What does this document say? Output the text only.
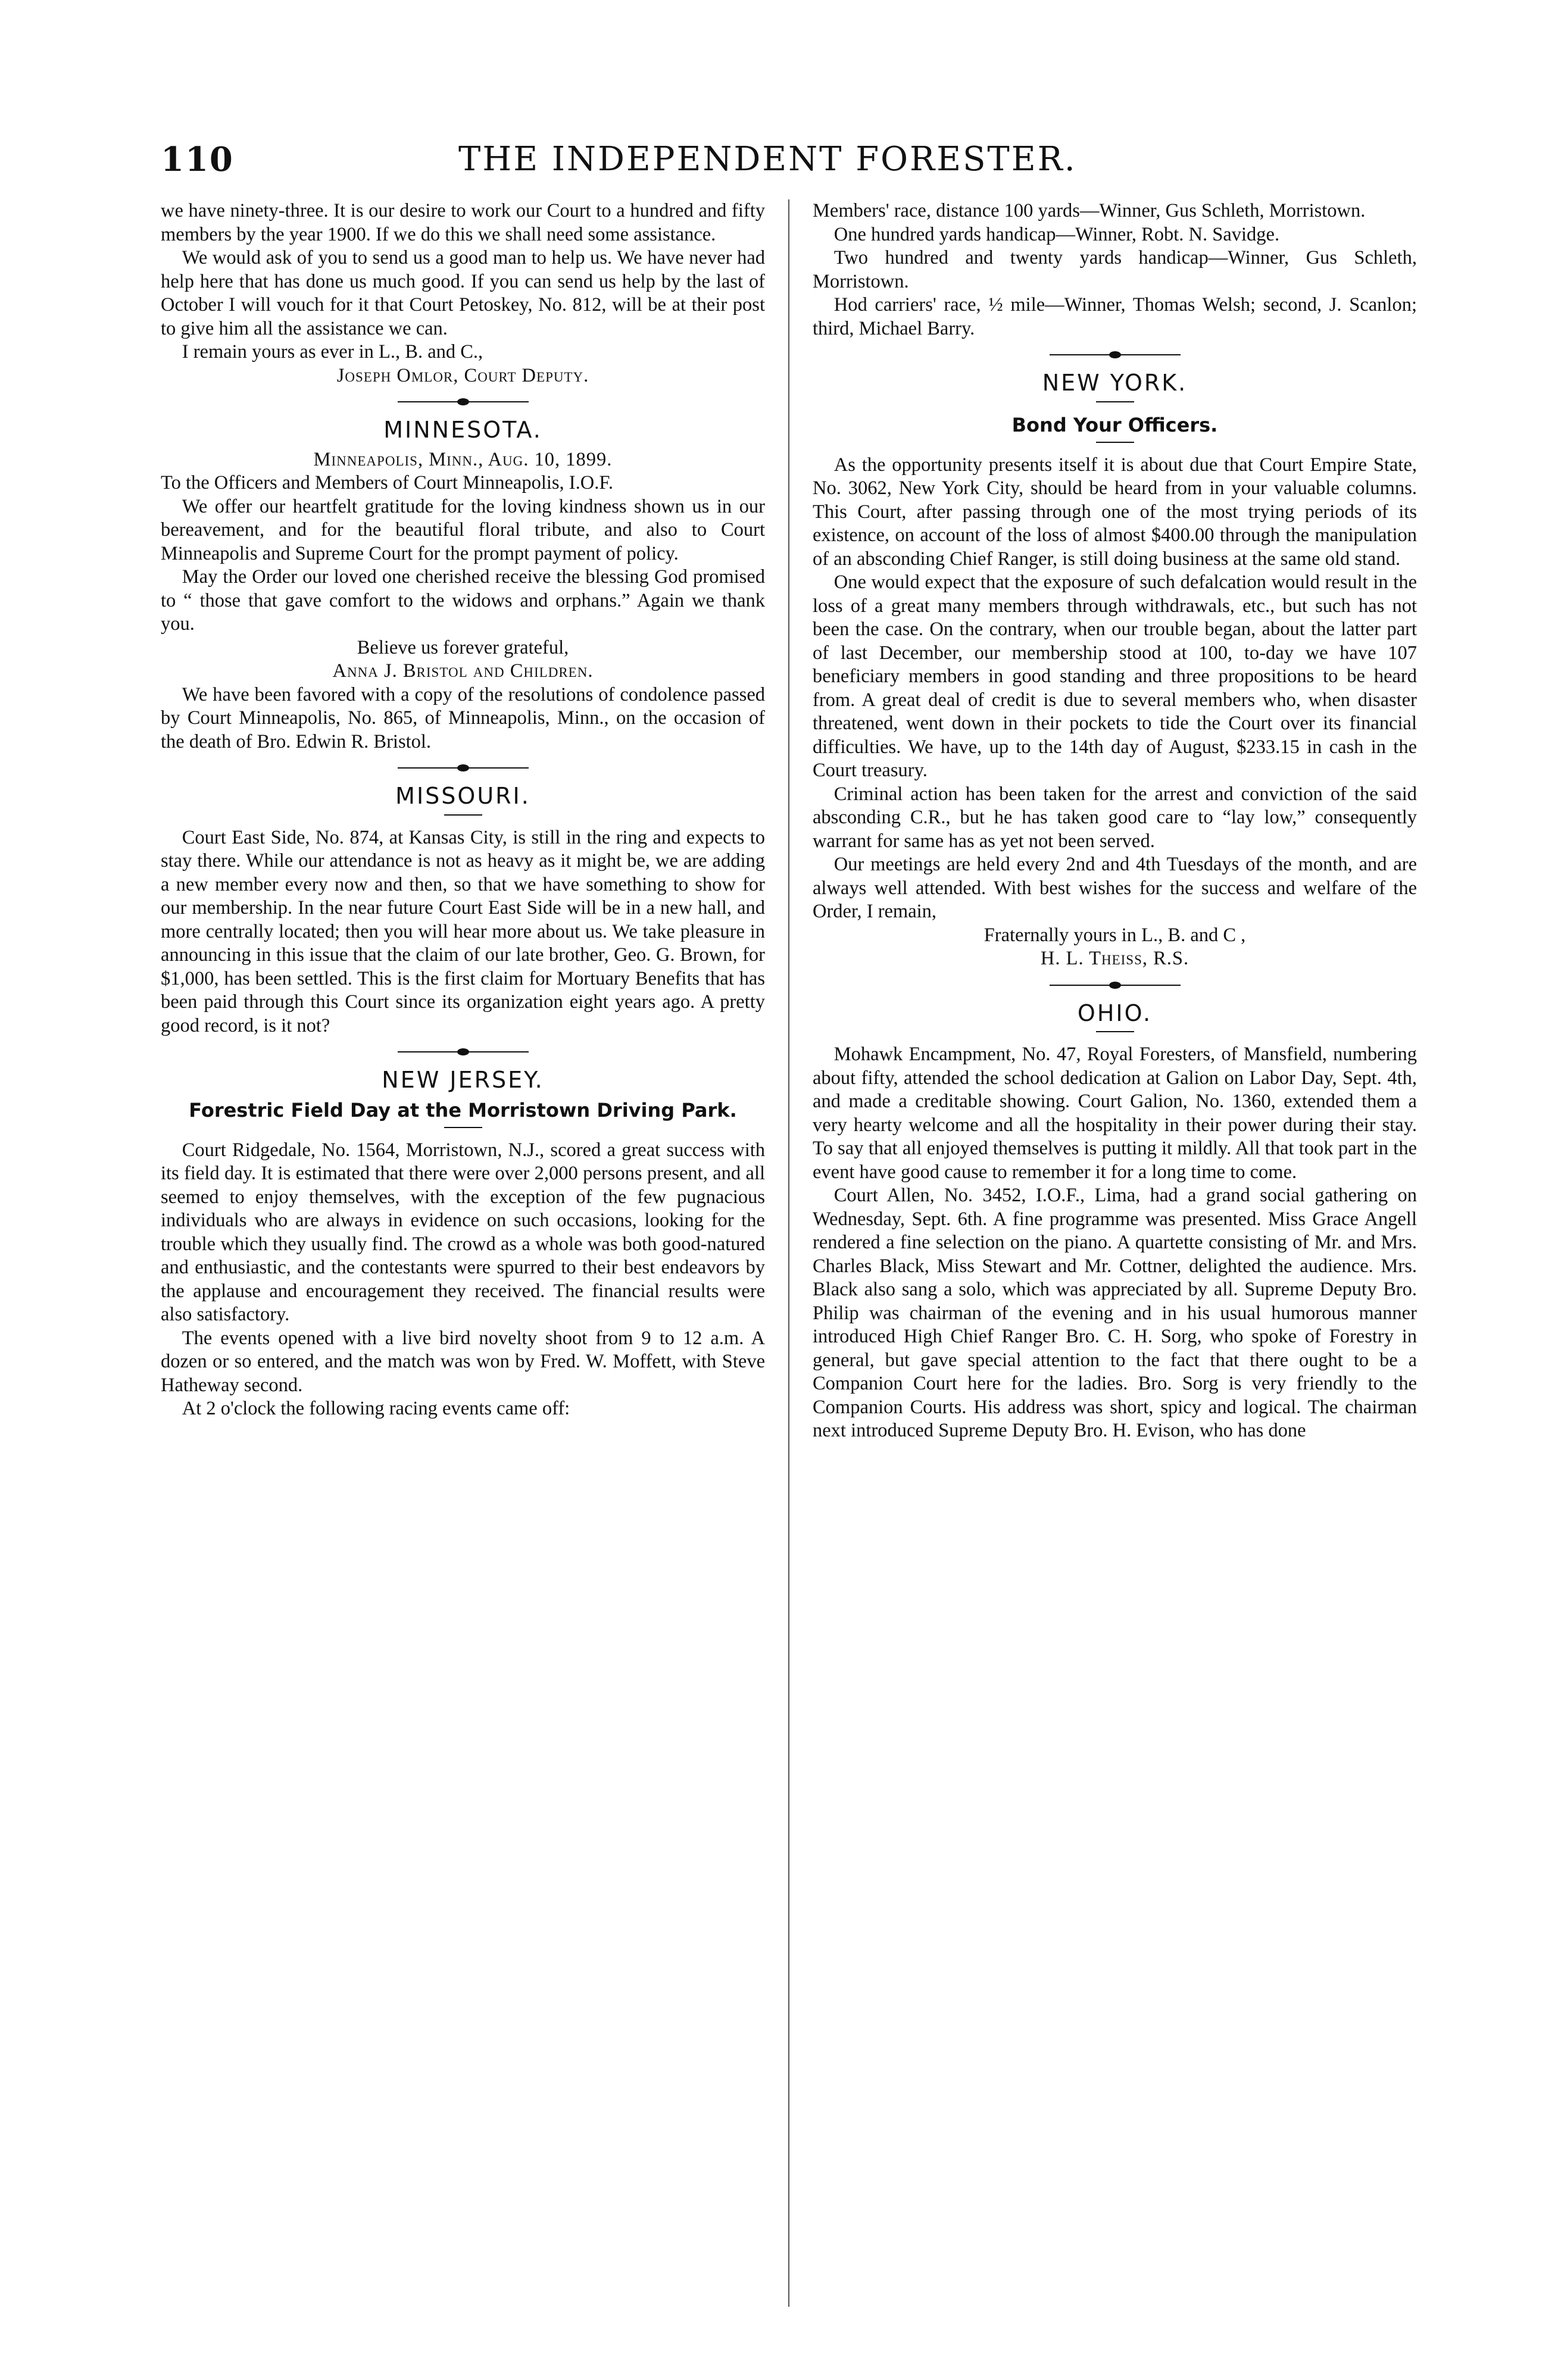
110	THE INDEPENDENT FORESTER.

we have ninety-three. It is our desire to work our Court to a hundred and fifty members by the year 1900. If we do this we shall need some assistance.

We would ask of you to send us a good man to help us. We have never had help here that has done us much good. If you can send us help by the last of October I will vouch for it that Court Petoskey, No. 812, will be at their post to give him all the assistance we can.

I remain yours as ever in L., B. and C.,

Joseph Omlor, Court Deputy.

MINNESOTA.

Minneapolis, Minn., Aug. 10, 1899.

To the Officers and Members of Court Minneapolis, I.O.F.

We offer our heartfelt gratitude for the loving kindness shown us in our bereavement, and for the beautiful floral tribute, and also to Court Minneapolis and Supreme Court for the prompt payment of policy.

May the Order our loved one cherished receive the blessing God promised to “ those that gave comfort to the widows and orphans.” Again we thank you.

Believe us forever grateful,

Anna J. Bristol and Children.

We have been favored with a copy of the resolutions of condolence passed by Court Minneapolis, No. 865, of Minneapolis, Minn., on the occasion of the death of Bro. Edwin R. Bristol.

MISSOURI.

Court East Side, No. 874, at Kansas City, is still in the ring and expects to stay there. While our attendance is not as heavy as it might be, we are adding a new member every now and then, so that we have something to show for our membership. In the near future Court East Side will be in a new hall, and more centrally located; then you will hear more about us. We take pleasure in announcing in this issue that the claim of our late brother, Geo. G. Brown, for $1,000, has been settled. This is the first claim for Mortuary Benefits that has been paid through this Court since its organization eight years ago. A pretty good record, is it not?

NEW JERSEY.
Forestric Field Day at the Morristown Driving Park.

Court Ridgedale, No. 1564, Morristown, N.J., scored a great success with its field day. It is estimated that there were over 2,000 persons present, and all seemed to enjoy themselves, with the exception of the few pugnacious individuals who are always in evidence on such occasions, looking for the trouble which they usually find. The crowd as a whole was both good-natured and enthusiastic, and the contestants were spurred to their best endeavors by the applause and encouragement they received. The financial results were also satisfactory.

The events opened with a live bird novelty shoot from 9 to 12 a.m. A dozen or so entered, and the match was won by Fred. W. Moffett, with Steve Hatheway second.

At 2 o'clock the following racing events came off:

Members' race, distance 100 yards—Winner, Gus Schleth, Morristown.

One hundred yards handicap—Winner, Robt. N. Savidge.

Two hundred and twenty yards handicap—Winner, Gus Schleth, Morristown.

Hod carriers' race, ½ mile—Winner, Thomas Welsh; second, J. Scanlon; third, Michael Barry.

NEW YORK.
Bond Your Officers.

As the opportunity presents itself it is about due that Court Empire State, No. 3062, New York City, should be heard from in your valuable columns. This Court, after passing through one of the most trying periods of its existence, on account of the loss of almost $400.00 through the manipulation of an absconding Chief Ranger, is still doing business at the same old stand.

One would expect that the exposure of such defalcation would result in the loss of a great many members through withdrawals, etc., but such has not been the case. On the contrary, when our trouble began, about the latter part of last December, our membership stood at 100, to-day we have 107 beneficiary members in good standing and three propositions to be heard from. A great deal of credit is due to several members who, when disaster threatened, went down in their pockets to tide the Court over its financial difficulties. We have, up to the 14th day of August, $233.15 in cash in the Court treasury.

Criminal action has been taken for the arrest and conviction of the said absconding C.R., but he has taken good care to “lay low,” consequently warrant for same has as yet not been served.

Our meetings are held every 2nd and 4th Tuesdays of the month, and are always well attended. With best wishes for the success and welfare of the Order, I remain,

Fraternally yours in L., B. and C ,

H. L. Theiss, R.S.

OHIO.

Mohawk Encampment, No. 47, Royal Foresters, of Mansfield, numbering about fifty, attended the school dedication at Galion on Labor Day, Sept. 4th, and made a creditable showing. Court Galion, No. 1360, extended them a very hearty welcome and all the hospitality in their power during their stay. To say that all enjoyed themselves is putting it mildly. All that took part in the event have good cause to remember it for a long time to come.

Court Allen, No. 3452, I.O.F., Lima, had a grand social gathering on Wednesday, Sept. 6th. A fine programme was presented. Miss Grace Angell rendered a fine selection on the piano. A quartette consisting of Mr. and Mrs. Charles Black, Miss Stewart and Mr. Cottner, delighted the audience. Mrs. Black also sang a solo, which was appreciated by all. Supreme Deputy Bro. Philip was chairman of the evening and in his usual humorous manner introduced High Chief Ranger Bro. C. H. Sorg, who spoke of Forestry in general, but gave special attention to the fact that there ought to be a Companion Court here for the ladies. Bro. Sorg is very friendly to the Companion Courts. His address was short, spicy and logical. The chairman next introduced Supreme Deputy Bro. H. Evison, who has done
